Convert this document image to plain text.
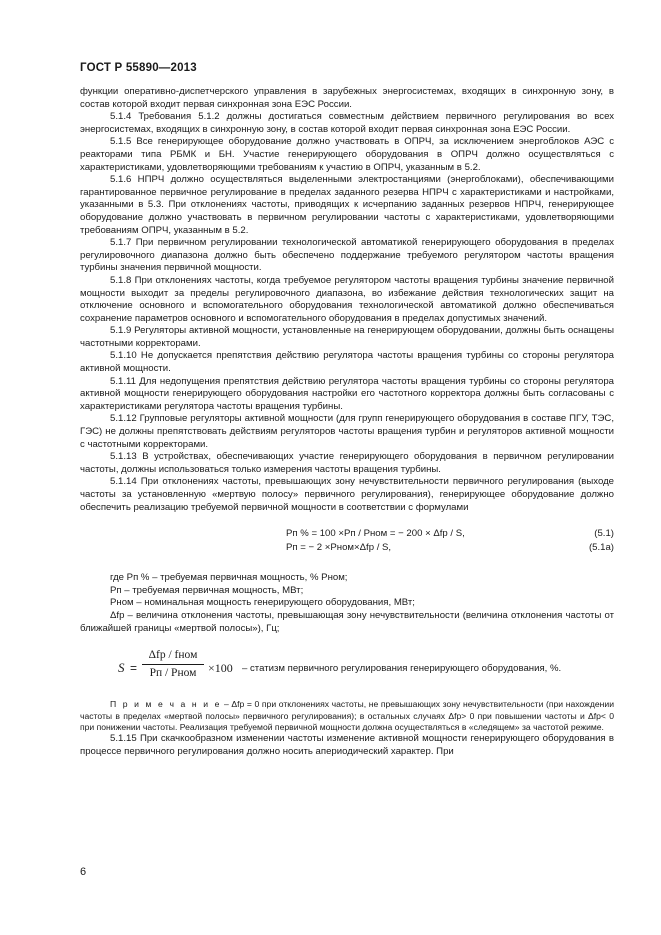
ГОСТ Р 55890—2013

функции оперативно-диспетчерского управления в зарубежных энергосистемах, входящих в синхронную зону, в состав которой входит первая синхронная зона ЕЭС России.

5.1.4 Требования 5.1.2 должны достигаться совместным действием первичного регулирования во всех энергосистемах, входящих в синхронную зону, в состав которой входит первая синхронная зона ЕЭС России.

5.1.5 Все генерирующее оборудование должно участвовать в ОПРЧ, за исключением энергоблоков АЭС с реакторами типа РБМК и БН. Участие генерирующего оборудования в ОПРЧ должно осуществляться с характеристиками, удовлетворяющими требованиям к участию в ОПРЧ, указанным в 5.2.

5.1.6 НПРЧ должно осуществляться выделенными электростанциями (энергоблоками), обеспечивающими гарантированное первичное регулирование в пределах заданного резерва НПРЧ с характеристиками и настройками, указанными в 5.3. При отклонениях частоты, приводящих к исчерпанию заданных резервов НПРЧ, генерирующее оборудование должно участвовать в первичном регулировании частоты с характеристиками, удовлетворяющими требованиям ОПРЧ, указанным в 5.2.

5.1.7 При первичном регулировании технологической автоматикой генерирующего оборудования в пределах регулировочного диапазона должно быть обеспечено поддержание требуемого регулятором частоты вращения турбины значения первичной мощности.

5.1.8 При отклонениях частоты, когда требуемое регулятором частоты вращения турбины значение первичной мощности выходит за пределы регулировочного диапазона, во избежание действия технологических защит на отключение основного и вспомогательного оборудования технологической автоматикой должно обеспечиваться сохранение параметров основного и вспомогательного оборудования в пределах допустимых значений.

5.1.9 Регуляторы активной мощности, установленные на генерирующем оборудовании, должны быть оснащены частотными корректорами.

5.1.10 Не допускается препятствия действию регулятора частоты вращения турбины со стороны регулятора активной мощности.

5.1.11 Для недопущения препятствия действию регулятора частоты вращения турбины со стороны регулятора активной мощности генерирующего оборудования настройки его частотного корректора должны быть согласованы с характеристиками регулятора частоты вращения турбины.

5.1.12 Групповые регуляторы активной мощности (для групп генерирующего оборудования в составе ПГУ, ТЭС, ГЭС) не должны препятствовать действиям регуляторов частоты вращения турбин и регуляторов активной мощности с частотными корректорами.

5.1.13 В устройствах, обеспечивающих участие генерирующего оборудования в первичном регулировании частоты, должны использоваться только измерения частоты вращения турбины.

5.1.14 При отклонениях частоты, превышающих зону нечувствительности первичного регулирования (выходе частоты за установленную «мертвую полосу» первичного регулирования), генерирующее оборудование должно обеспечить реализацию требуемой первичной мощности в соответствии с формулами

Рп % = 100 ×Рп / Рном = − 200 × Δfр / S,	(5.1)
Рп = − 2 ×Рном×Δfр / S,	(5.1а)

где Рп % – требуемая первичная мощность, % Рном;

Рп – требуемая первичная мощность, МВт;

Рном – номинальная мощность генерирующего оборудования, МВт;

Δfр – величина отклонения частоты, превышающая зону нечувствительности (величина отклонения частоты от ближайшей границы «мертвой полосы»), Гц;

S =
Δfр / fном
Рп / Рном ×100 – статизм первичного регулирования генерирующего оборудования, %.

П р и м е ч а н и е – Δfр = 0 при отклонениях частоты, не превышающих зону нечувствительности (при нахождении частоты в пределах «мертвой полосы» первичного регулирования); в остальных случаях Δfр> 0 при повышении частоты и Δfр< 0 при понижении частоты. Реализация требуемой первичной мощности должна осуществляться в «следящем» за частотой режиме.

5.1.15 При скачкообразном изменении частоты изменение активной мощности генерирующего оборудования в процессе первичного регулирования должно носить апериодический характер. При

6
